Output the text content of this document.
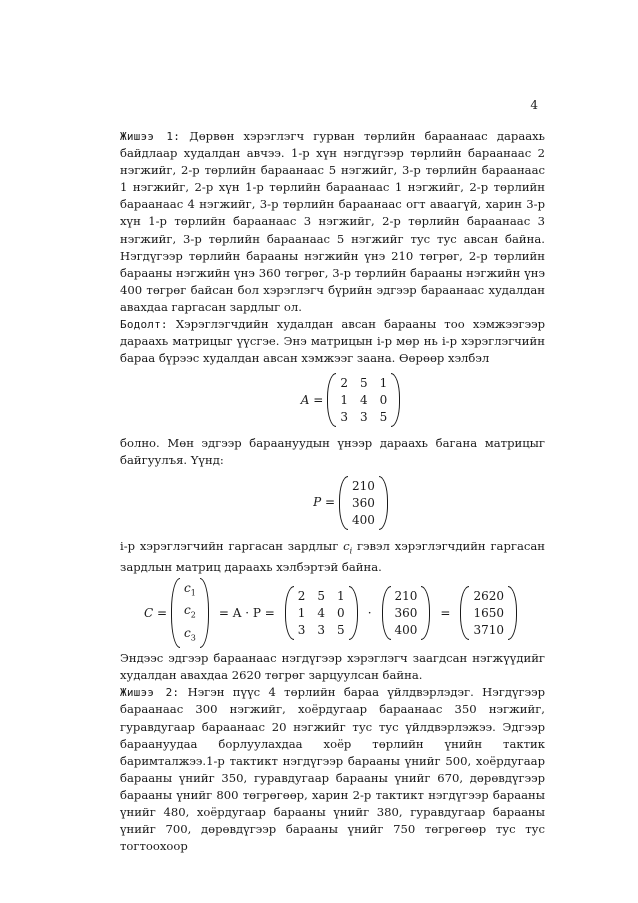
4

Жишээ 1: Дөрвөн хэрэглэгч гурван төрлийн бараанаас дараахь байдлаар худалдан авчээ. 1-р хүн нэгдүгээр төрлийн бараанаас 2 нэгжийг, 2-р төрлийн бараанаас 5 нэгжийг, 3-р төрлийн бараанаас 1 нэгжийг, 2-р хүн 1-р төрлийн бараанаас 1 нэгжийг, 2-р төрлийн бараанаас 4 нэгжийг, 3-р төрлийн бараанаас огт аваагүй, харин 3-р хүн 1-р төрлийн бараанаас 3 нэгжийг, 2-р төрлийн бараанаас 3 нэгжийг, 3-р төрлийн бараанаас 5 нэгжийг тус тус авсан байна. Нэгдүгээр төрлийн барааны нэгжийн үнэ 210 төгрөг, 2-р төрлийн барааны нэгжийн үнэ 360 төгрөг, 3-р төрлийн барааны нэгжийн үнэ 400 төгрөг байсан бол хэрэглэгч бүрийн эдгээр бараанаас худалдан авахдаа гаргасан зардлыг ол.

Бодолт: Хэрэглэгчдийн худалдан авсан барааны тоо хэмжээгээр дараахь матрицыг үүсгэе. Энэ матрицын i-р мөр нь i-р хэрэглэгчийн бараа бүрээс худалдан авсан хэмжээг заана. Өөрөөр хэлбэл

A =
2 5 1
1 4 0
3 3 5

болно. Мөн эдгээр бараануудын үнээр дараахь багана матрицыг байгуулъя. Үүнд:

P =
210
360
400

i-р хэрэглэгчийн гаргасан зардлыг $c_i$ гэвэл хэрэглэгчдийн гаргасан зардлын матриц дараахь хэлбэртэй байна.

C =
$c_1$
$c_2$
$c_3$
= A · P =
2 5 1
1 4 0
3 3 5
·
210
360
400
=
2620
1650
3710

Эндээс эдгээр бараанаас нэгдүгээр хэрэглэгч заагдсан нэгжүүдийг худалдан авахдаа 2620 төгрөг зарцуулсан байна.

Жишээ 2: Нэгэн пүүс 4 төрлийн бараа үйлдвэрлэдэг. Нэгдүгээр бараанаас 300 нэгжийг, хоёрдугаар бараанаас 350 нэгжийг, гуравдугаар бараанаас 20 нэгжийг тус тус үйлдвэрлэжээ. Эдгээр бараануудаа борлуулахдаа хоёр төрлийн үнийн тактик баримталжээ.1-р тактикт нэгдүгээр барааны үнийг 500, хоёрдугаар барааны үнийг 350, гуравдугаар барааны үнийг 670, дөрөвдүгээр барааны үнийг 800 төгрөгөөр, харин 2-р тактикт нэгдүгээр барааны үнийг 480, хоёрдугаар барааны үнийг 380, гуравдугаар барааны үнийг 700, дөрөвдүгээр барааны үнийг 750 төгрөгөөр тус тус тогтоохоор
